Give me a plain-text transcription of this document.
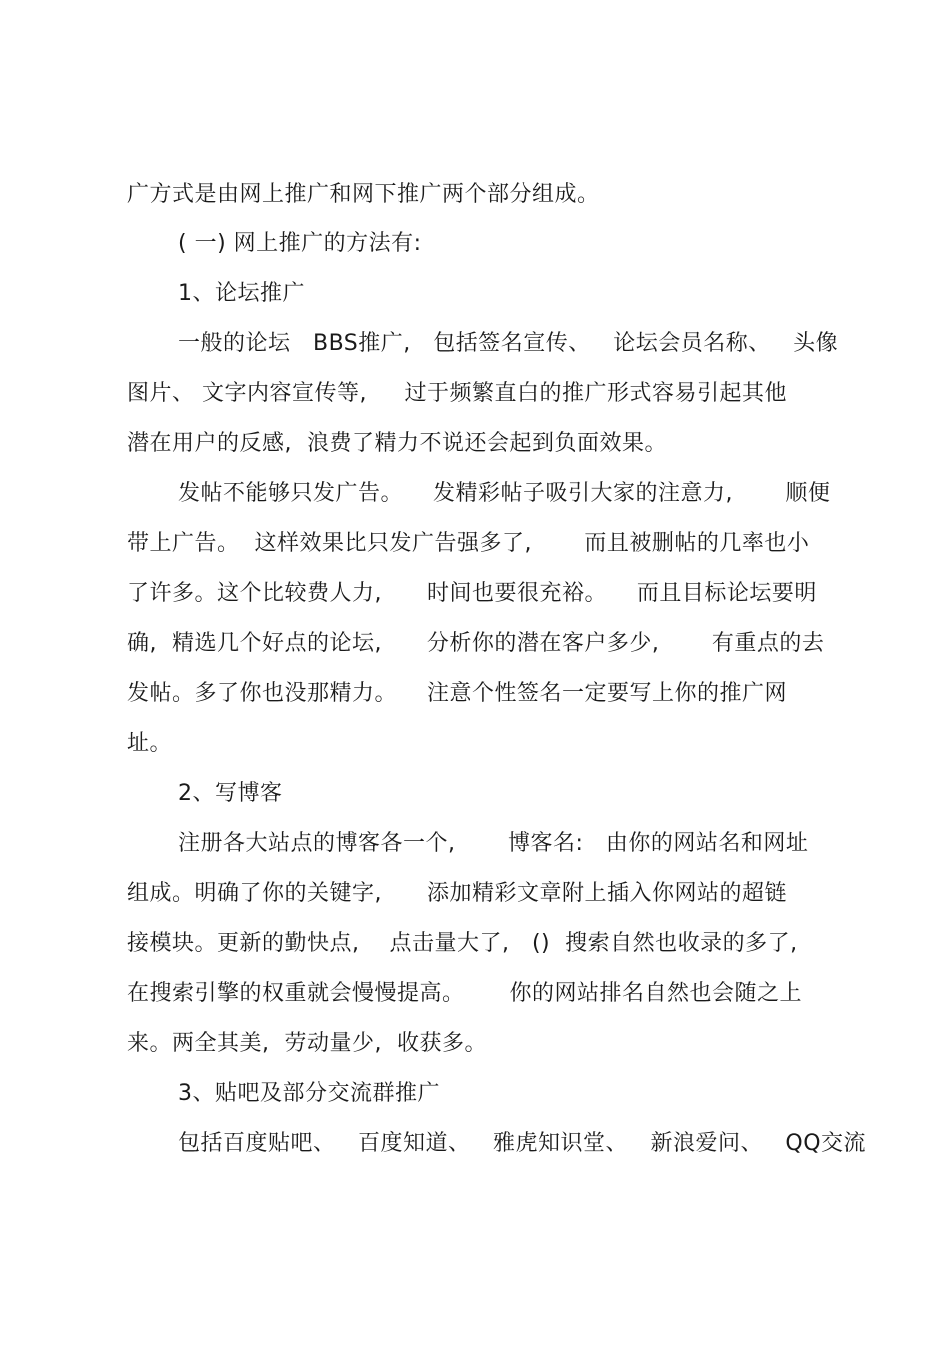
广方式是由网上推广和网下推广两个部分组成。
( 一) 网上推广的方法有:
1、论坛推广
一般的论坛   BBS推广,   包括签名宣传、   论坛会员名称、   头像
图片、 文字内容宣传等,     过于频繁直白的推广形式容易引起其他
潜在用户的反感,  浪费了精力不说还会起到负面效果。
发帖不能够只发广告。    发精彩帖子吸引大家的注意力,       顺便
带上广告。  这样效果比只发广告强多了,       而且被删帖的几率也小
了许多。这个比较费人力,      时间也要很充裕。    而且目标论坛要明
确,  精选几个好点的论坛,      分析你的潜在客户多少,       有重点的去
发帖。多了你也没那精力。    注意个性签名一定要写上你的推广网
址。
2、写博客
注册各大站点的博客各一个,       博客名:   由你的网站名和网址
组成。明确了你的关键字,      添加精彩文章附上插入你网站的超链
接模块。更新的勤快点,    点击量大了,   ()  搜索自然也收录的多了,
在搜索引擎的权重就会慢慢提高。      你的网站排名自然也会随之上
来。两全其美,  劳动量少,  收获多。
3、贴吧及部分交流群推广
包括百度贴吧、   百度知道、   雅虎知识堂、   新浪爱问、   QQ交流
